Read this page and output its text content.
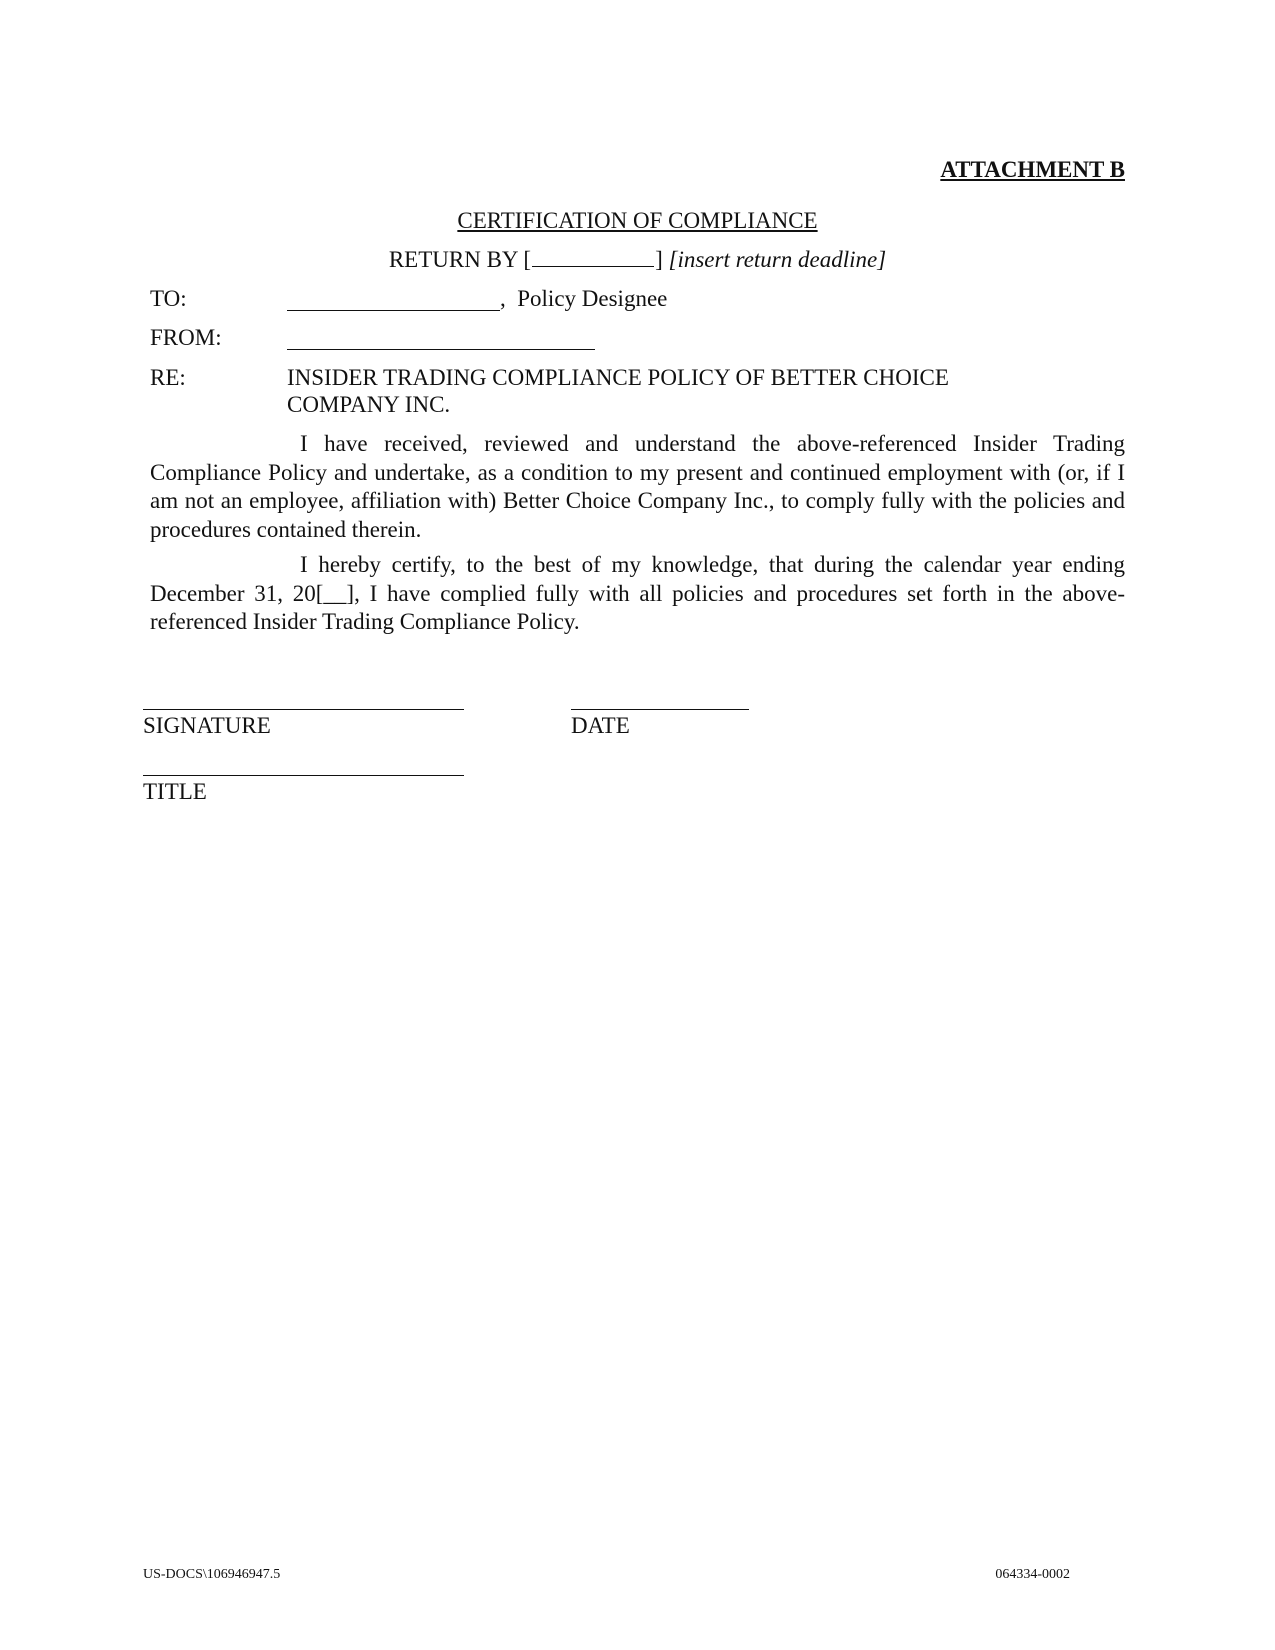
ATTACHMENT B

CERTIFICATION OF COMPLIANCE

RETURN BY [	] [insert return deadline]

TO:	,  Policy Designee

FROM:

RE:	INSIDER TRADING COMPLIANCE POLICY OF BETTER CHOICE COMPANY INC.

I have received, reviewed and understand the above-referenced Insider Trading Compliance Policy and undertake, as a condition to my present and continued employment with (or, if I am not an employee, affiliation with) Better Choice Company Inc., to comply fully with the policies and procedures contained therein.

I hereby certify, to the best of my knowledge, that during the calendar year ending December 31, 20[__], I have complied fully with all policies and procedures set forth in the above-referenced Insider Trading Compliance Policy.

SIGNATURE	DATE

TITLE

US-DOCS\106946947.5	064334-0002
